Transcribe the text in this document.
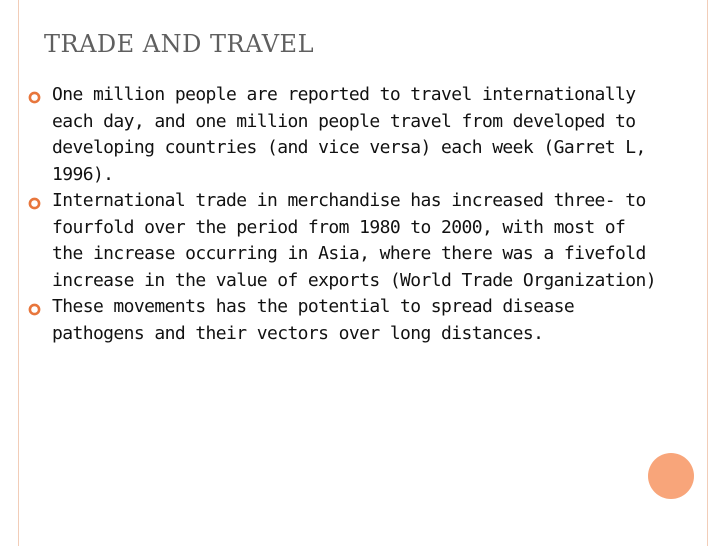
TRADE AND TRAVEL
One million people are reported to travel internationally each day, and one million people travel from developed to developing countries (and vice versa) each week (Garret L, 1996).
International trade in merchandise has increased three- to fourfold over the period from 1980 to 2000, with most of the increase occurring in Asia, where there was a fivefold increase in the value of exports (World Trade Organization)
These movements has the potential to spread disease pathogens and their vectors over long distances.
